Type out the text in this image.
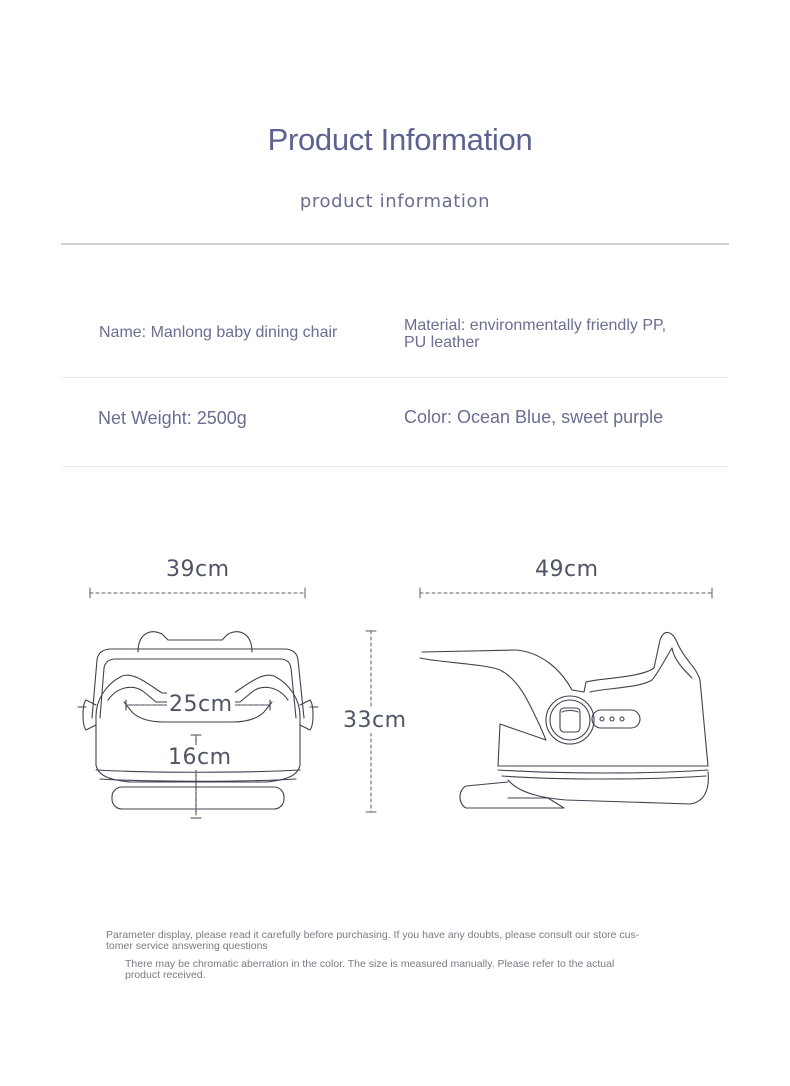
Product Information
product information
Name: Manlong baby dining chair	Material: environmentally friendly PP,
PU leather
Net Weight: 2500g	Color: Ocean Blue, sweet purple
39cm	49cm
25cm
16cm
33cm
Parameter display, please read it carefully before purchasing. If you have any doubts, please consult our store cus-
tomer service answering questions
There may be chromatic aberration in the color. The size is measured manually. Please refer to the actual
product received.
